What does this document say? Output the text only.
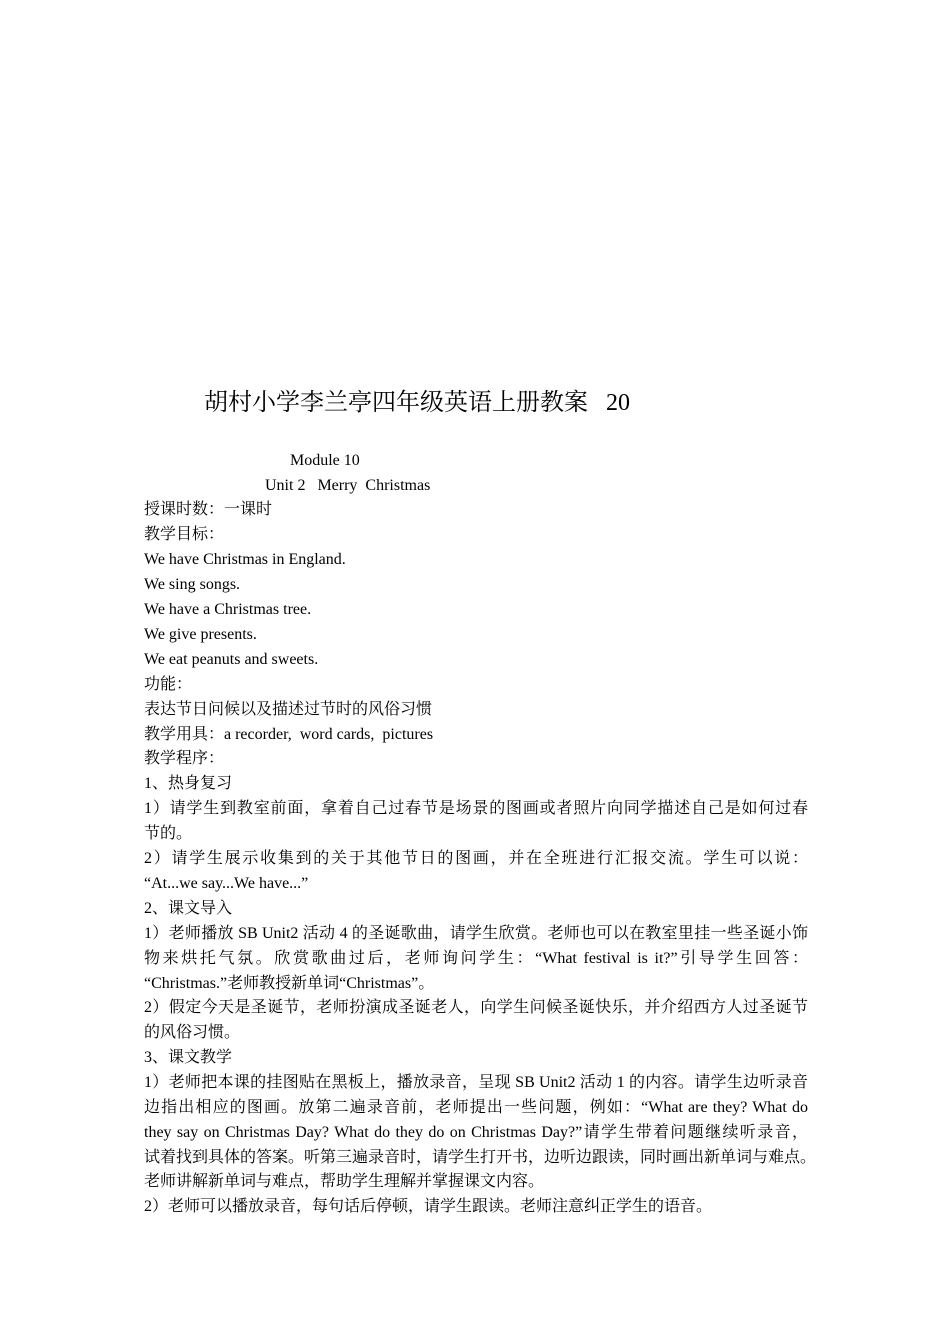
胡村小学李兰亭四年级英语上册教案   20
Module 10
Unit 2   Merry  Christmas
授课时数：一课时
教学目标：
We have Christmas in England.
We sing songs.
We have a Christmas tree.
We give presents.
We eat peanuts and sweets.
功能：
表达节日问候以及描述过节时的风俗习惯
教学用具：a recorder,  word cards,  pictures
教学程序：
1、热身复习
1）请学生到教室前面，拿着自己过春节是场景的图画或者照片向同学描述自己是如何过春
节的。
2）请学生展示收集到的关于其他节日的图画，并在全班进行汇报交流。学生可以说：
“At...we say...We have...”
2、课文导入
1）老师播放 SB Unit2 活动 4 的圣诞歌曲，请学生欣赏。老师也可以在教室里挂一些圣诞小饰
物来烘托气氛。欣赏歌曲过后，老师询问学生：“What festival is it?”引导学生回答：
“Christmas.”老师教授新单词“Christmas”。
2）假定今天是圣诞节，老师扮演成圣诞老人，向学生问候圣诞快乐，并介绍西方人过圣诞节
的风俗习惯。
3、课文教学
1）老师把本课的挂图贴在黑板上，播放录音，呈现 SB Unit2 活动 1 的内容。请学生边听录音
边指出相应的图画。放第二遍录音前，老师提出一些问题，例如：“What are they? What do
they say on Christmas Day? What do they do on Christmas Day?”请学生带着问题继续听录音，
试着找到具体的答案。听第三遍录音时，请学生打开书，边听边跟读，同时画出新单词与难点。
老师讲解新单词与难点，帮助学生理解并掌握课文内容。
2）老师可以播放录音，每句话后停顿，请学生跟读。老师注意纠正学生的语音。
